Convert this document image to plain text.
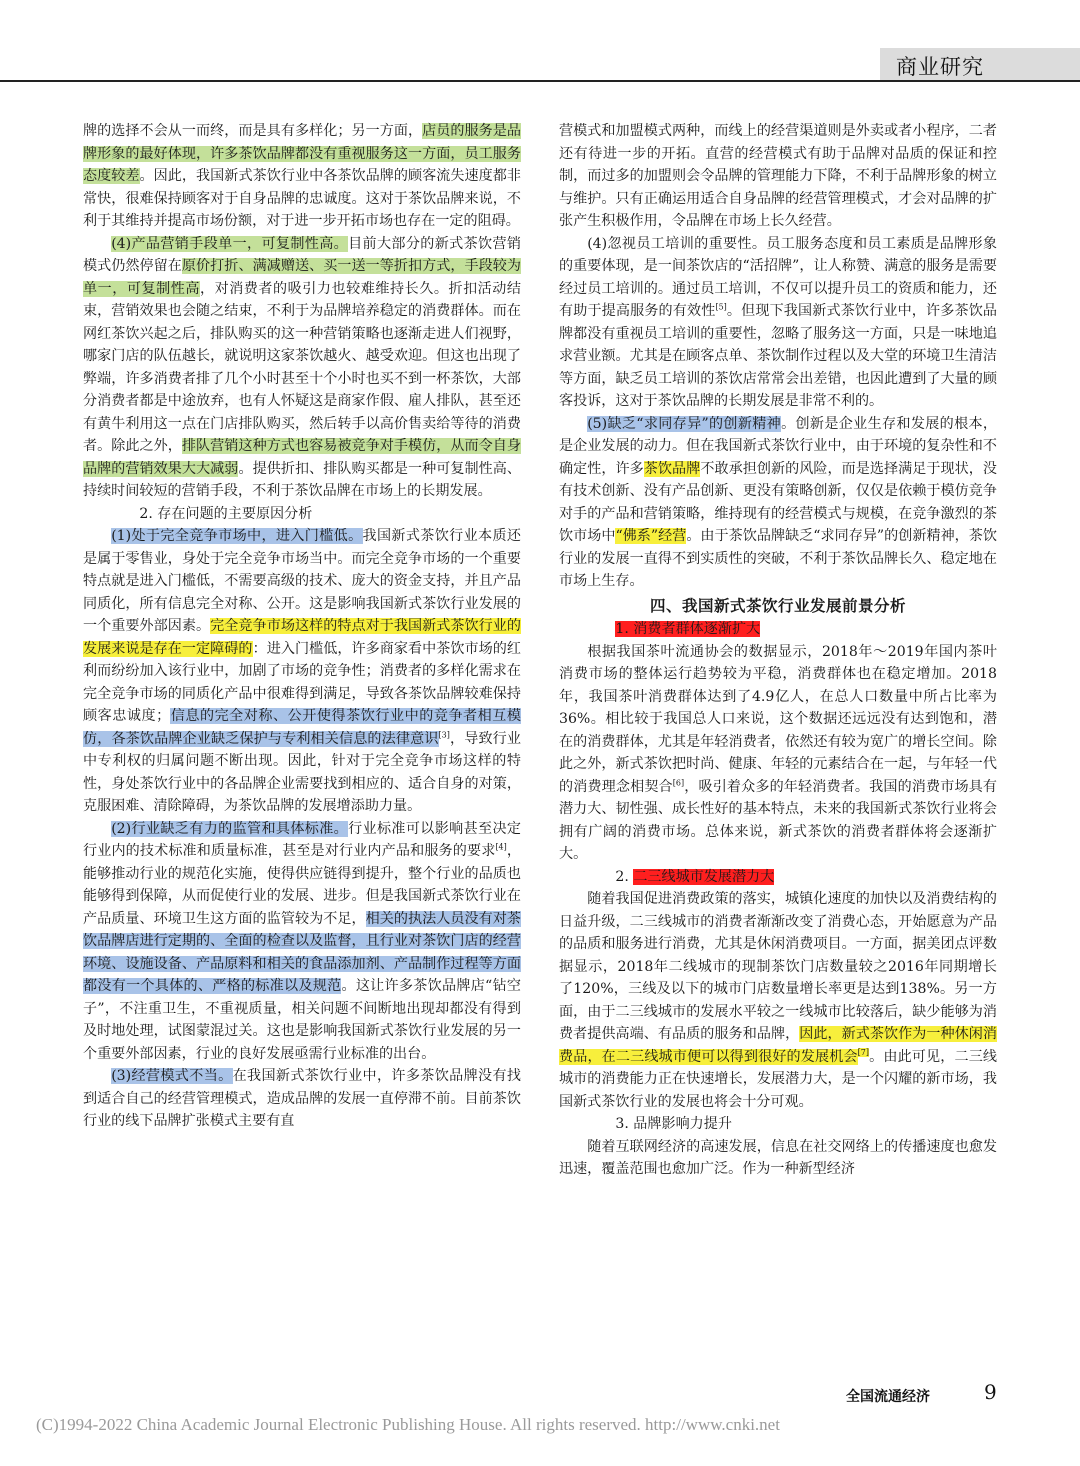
商业研究

牌的选择不会从一而终，而是具有多样化；另一方面，店员的服务是品牌形象的最好体现，许多茶饮品牌都没有重视服务这一方面，员工服务态度较差。因此，我国新式茶饮行业中各茶饮品牌的顾客流失速度都非常快，很难保持顾客对于自身品牌的忠诚度。这对于茶饮品牌来说，不利于其维持并提高市场份额，对于进一步开拓市场也存在一定的阻碍。

(4)产品营销手段单一，可复制性高。目前大部分的新式茶饮营销模式仍然停留在原价打折、满减赠送、买一送一等折扣方式，手段较为单一，可复制性高，对消费者的吸引力也较难维持长久。折扣活动结束，营销效果也会随之结束，不利于为品牌培养稳定的消费群体。而在网红茶饮兴起之后，排队购买的这一种营销策略也逐渐走进人们视野，哪家门店的队伍越长，就说明这家茶饮越火、越受欢迎。但这也出现了弊端，许多消费者排了几个小时甚至十个小时也买不到一杯茶饮，大部分消费者都是中途放弃，也有人怀疑这是商家作假、雇人排队，甚至还有黄牛利用这一点在门店排队购买，然后转手以高价售卖给等待的消费者。除此之外，排队营销这种方式也容易被竞争对手模仿，从而令自身品牌的营销效果大大减弱。提供折扣、排队购买都是一种可复制性高、持续时间较短的营销手段，不利于茶饮品牌在市场上的长期发展。

2. 存在问题的主要原因分析

(1)处于完全竞争市场中，进入门槛低。我国新式茶饮行业本质还是属于零售业，身处于完全竞争市场当中。而完全竞争市场的一个重要特点就是进入门槛低，不需要高级的技术、庞大的资金支持，并且产品同质化，所有信息完全对称、公开。这是影响我国新式茶饮行业发展的一个重要外部因素。完全竞争市场这样的特点对于我国新式茶饮行业的发展来说是存在一定障碍的：进入门槛低，许多商家看中茶饮市场的红利而纷纷加入该行业中，加剧了市场的竞争性；消费者的多样化需求在完全竞争市场的同质化产品中很难得到满足，导致各茶饮品牌较难保持顾客忠诚度；信息的完全对称、公开使得茶饮行业中的竞争者相互模仿，各茶饮品牌企业缺乏保护与专利相关信息的法律意识[3]，导致行业中专利权的归属问题不断出现。因此，针对于完全竞争市场这样的特性，身处茶饮行业中的各品牌企业需要找到相应的、适合自身的对策，克服困难、清除障碍，为茶饮品牌的发展增添助力量。

(2)行业缺乏有力的监管和具体标准。行业标准可以影响甚至决定行业内的技术标准和质量标准，甚至是对行业内产品和服务的要求[4]，能够推动行业的规范化实施，使得供应链得到提升，整个行业的品质也能够得到保障，从而促使行业的发展、进步。但是我国新式茶饮行业在产品质量、环境卫生这方面的监管较为不足，相关的执法人员没有对茶饮品牌店进行定期的、全面的检查以及监督，且行业对茶饮门店的经营环境、设施设备、产品原料和相关的食品添加剂、产品制作过程等方面都没有一个具体的、严格的标准以及规范。这让许多茶饮品牌店“钻空子”，不注重卫生，不重视质量，相关问题不间断地出现却都没有得到及时地处理，试图蒙混过关。这也是影响我国新式茶饮行业发展的另一个重要外部因素，行业的良好发展亟需行业标准的出台。

(3)经营模式不当。在我国新式茶饮行业中，许多茶饮品牌没有找到适合自己的经营管理模式，造成品牌的发展一直停滞不前。目前茶饮行业的线下品牌扩张模式主要有直

营模式和加盟模式两种，而线上的经营渠道则是外卖或者小程序，二者还有待进一步的开拓。直营的经营模式有助于品牌对品质的保证和控制，而过多的加盟则会令品牌的管理能力下降，不利于品牌形象的树立与维护。只有正确运用适合自身品牌的经营管理模式，才会对品牌的扩张产生积极作用，令品牌在市场上长久经营。

(4)忽视员工培训的重要性。员工服务态度和员工素质是品牌形象的重要体现，是一间茶饮店的“活招牌”，让人称赞、满意的服务是需要经过员工培训的。通过员工培训，不仅可以提升员工的资质和能力，还有助于提高服务的有效性[5]。但现下我国新式茶饮行业中，许多茶饮品牌都没有重视员工培训的重要性，忽略了服务这一方面，只是一味地追求营业额。尤其是在顾客点单、茶饮制作过程以及大堂的环境卫生清洁等方面，缺乏员工培训的茶饮店常常会出差错，也因此遭到了大量的顾客投诉，这对于茶饮品牌的长期发展是非常不利的。

(5)缺乏“求同存异”的创新精神。创新是企业生存和发展的根本，是企业发展的动力。但在我国新式茶饮行业中，由于环境的复杂性和不确定性，许多茶饮品牌不敢承担创新的风险，而是选择满足于现状，没有技术创新、没有产品创新、更没有策略创新，仅仅是依赖于模仿竞争对手的产品和营销策略，维持现有的经营模式与规模，在竞争激烈的茶饮市场中“佛系”经营。由于茶饮品牌缺乏“求同存异”的创新精神，茶饮行业的发展一直得不到实质性的突破，不利于茶饮品牌长久、稳定地在市场上生存。

四、我国新式茶饮行业发展前景分析

1. 消费者群体逐渐扩大

根据我国茶叶流通协会的数据显示，2018年～2019年国内茶叶消费市场的整体运行趋势较为平稳，消费群体也在稳定增加。2018年，我国茶叶消费群体达到了4.9亿人，在总人口数量中所占比率为36%。相比较于我国总人口来说，这个数据还远远没有达到饱和，潜在的消费群体，尤其是年轻消费者，依然还有较为宽广的增长空间。除此之外，新式茶饮把时尚、健康、年轻的元素结合在一起，与年轻一代的消费理念相契合[6]，吸引着众多的年轻消费者。我国的消费市场具有潜力大、韧性强、成长性好的基本特点，未来的我国新式茶饮行业将会拥有广阔的消费市场。总体来说，新式茶饮的消费者群体将会逐渐扩大。

2. 二三线城市发展潜力大

随着我国促进消费政策的落实，城镇化速度的加快以及消费结构的日益升级，二三线城市的消费者渐渐改变了消费心态，开始愿意为产品的品质和服务进行消费，尤其是休闲消费项目。一方面，据美团点评数据显示，2018年二线城市的现制茶饮门店数量较之2016年同期增长了120%，三线及以下的城市门店数量增长率更是达到138%。另一方面，由于二三线城市的发展水平较之一线城市比较落后，缺少能够为消费者提供高端、有品质的服务和品牌，因此，新式茶饮作为一种休闲消费品，在二三线城市便可以得到很好的发展机会[7]。由此可见，二三线城市的消费能力正在快速增长，发展潜力大，是一个闪耀的新市场，我国新式茶饮行业的发展也将会十分可观。

3. 品牌影响力提升

随着互联网经济的高速发展，信息在社交网络上的传播速度也愈发迅速，覆盖范围也愈加广泛。作为一种新型经济

全国流通经济	9
(C)1994-2022 China Academic Journal Electronic Publishing House. All rights reserved. http://www.cnki.net
